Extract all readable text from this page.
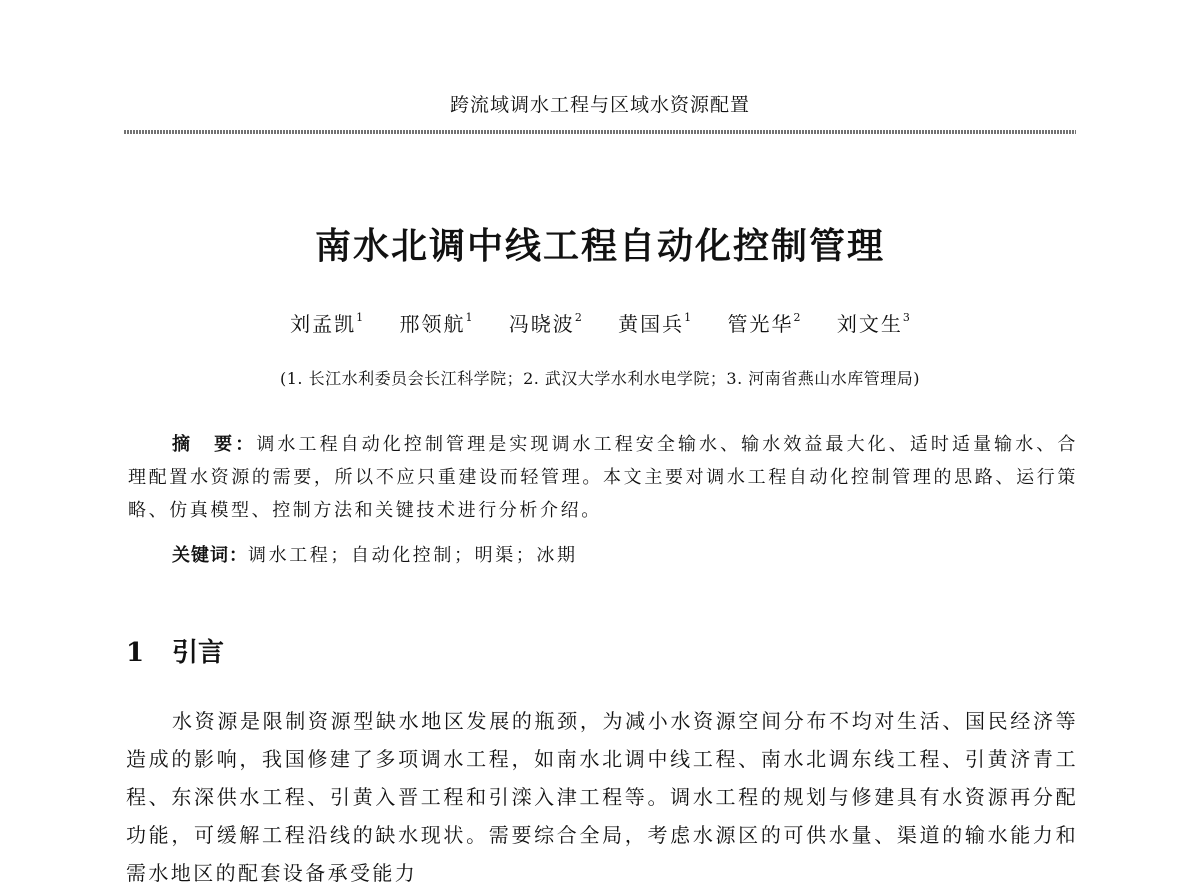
跨流域调水工程与区域水资源配置
南水北调中线工程自动化控制管理
刘孟凯$^1$ 邢领航$^1$ 冯晓波$^2$ 黄国兵$^1$ 管光华$^2$ 刘文生$^3$
(1. 长江水利委员会长江科学院；2. 武汉大学水利水电学院；3. 河南省燕山水库管理局)
摘　要：调水工程自动化控制管理是实现调水工程安全输水、输水效益最大化、适时适量输水、合理配置水资源的需要，所以不应只重建设而轻管理。本文主要对调水工程自动化控制管理的思路、运行策略、仿真模型、控制方法和关键技术进行分析介绍。
关键词：调水工程；自动化控制；明渠；冰期
1 引言
水资源是限制资源型缺水地区发展的瓶颈，为减小水资源空间分布不均对生活、国民经济等造成的影响，我国修建了多项调水工程，如南水北调中线工程、南水北调东线工程、引黄济青工程、东深供水工程、引黄入晋工程和引滦入津工程等。调水工程的规划与修建具有水资源再分配功能，可缓解工程沿线的缺水现状。需要综合全局，考虑水源区的可供水量、渠道的输水能力和需水地区的配套设备承受能力
